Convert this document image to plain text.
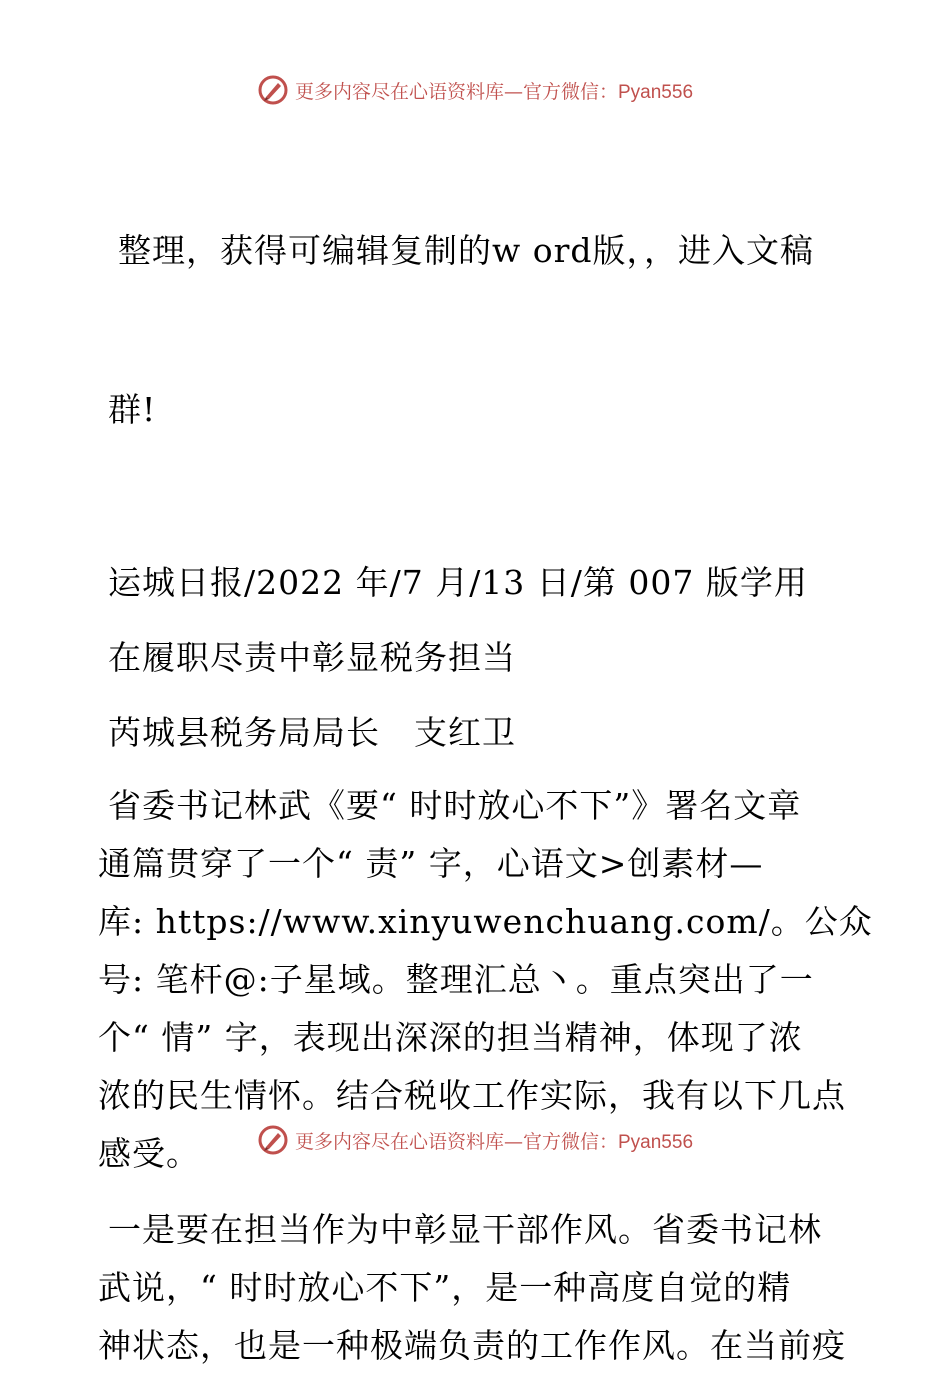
更多内容尽在心语资料库—官方微信：Pyan556

整理，获得可编辑复制的w ord版，，进入文稿

群!

运城日报/2022 年/7 月/13 日/第 007 版学用
在履职尽责中彰显税务担当
芮城县税务局局长　支红卫
省委书记林武《要“ 时时放心不下”》署名文章
通篇贯穿了一个“ 责” 字，心语文>创素材—
库: https://www.xinyuwenchuang.com/。公众
号: 笔杆@:子星域。整理汇总丶。重点突出了一
个“ 情” 字，表现出深深的担当精神，体现了浓
浓的民生情怀。结合税收工作实际，我有以下几点
感受。
一是要在担当作为中彰显干部作风。省委书记林
武说，“ 时时放心不下”，是一种高度自觉的精
神状态，也是一种极端负责的工作作风。在当前疫
更多内容尽在心语资料库—官方微信：Pyan556
